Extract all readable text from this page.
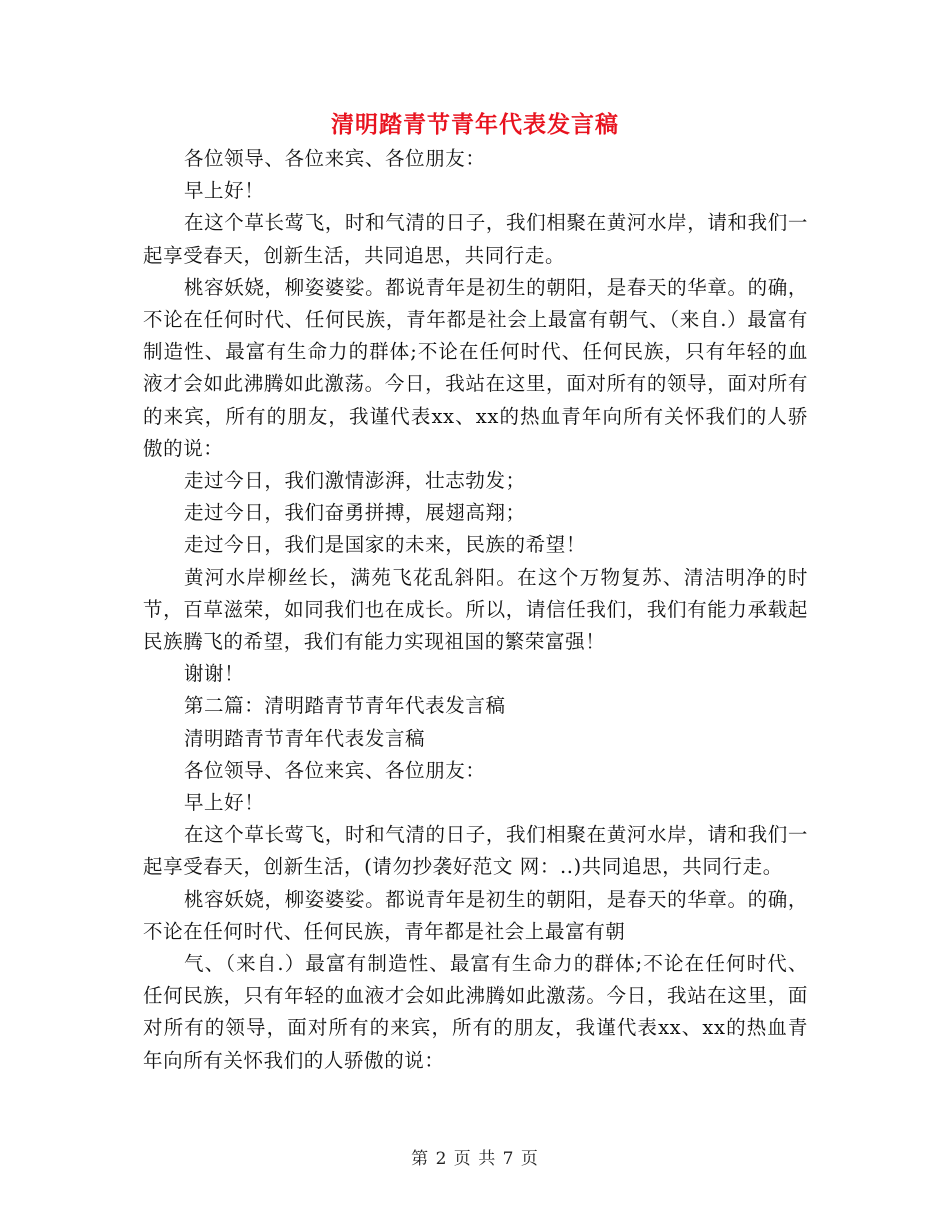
清明踏青节青年代表发言稿

各位领导、各位来宾、各位朋友：

早上好！

在这个草长莺飞，时和气清的日子，我们相聚在黄河水岸，请和我们一起享受春天，创新生活，共同追思，共同行走。

桃容妖娆，柳姿婆娑。都说青年是初生的朝阳，是春天的华章。的确，不论在任何时代、任何民族，青年都是社会上最富有朝气、（来自.）最富有制造性、最富有生命力的群体;不论在任何时代、任何民族，只有年轻的血液才会如此沸腾如此激荡。今日，我站在这里，面对所有的领导，面对所有的来宾，所有的朋友，我谨代表xx、xx的热血青年向所有关怀我们的人骄傲的说：

走过今日，我们激情澎湃，壮志勃发；

走过今日，我们奋勇拼搏，展翅高翔；

走过今日，我们是国家的未来，民族的希望！

黄河水岸柳丝长，满苑飞花乱斜阳。在这个万物复苏、清洁明净的时节，百草滋荣，如同我们也在成长。所以，请信任我们，我们有能力承载起民族腾飞的希望，我们有能力实现祖国的繁荣富强！

谢谢！

第二篇：清明踏青节青年代表发言稿

清明踏青节青年代表发言稿

各位领导、各位来宾、各位朋友：

早上好！

在这个草长莺飞，时和气清的日子，我们相聚在黄河水岸，请和我们一起享受春天，创新生活，(请勿抄袭好范文 网：..)共同追思，共同行走。

桃容妖娆，柳姿婆娑。都说青年是初生的朝阳，是春天的华章。的确，不论在任何时代、任何民族，青年都是社会上最富有朝

气、（来自.）最富有制造性、最富有生命力的群体;不论在任何时代、任何民族，只有年轻的血液才会如此沸腾如此激荡。今日，我站在这里，面对所有的领导，面对所有的来宾，所有的朋友，我谨代表xx、xx的热血青年向所有关怀我们的人骄傲的说：

第 2 页 共 7 页
